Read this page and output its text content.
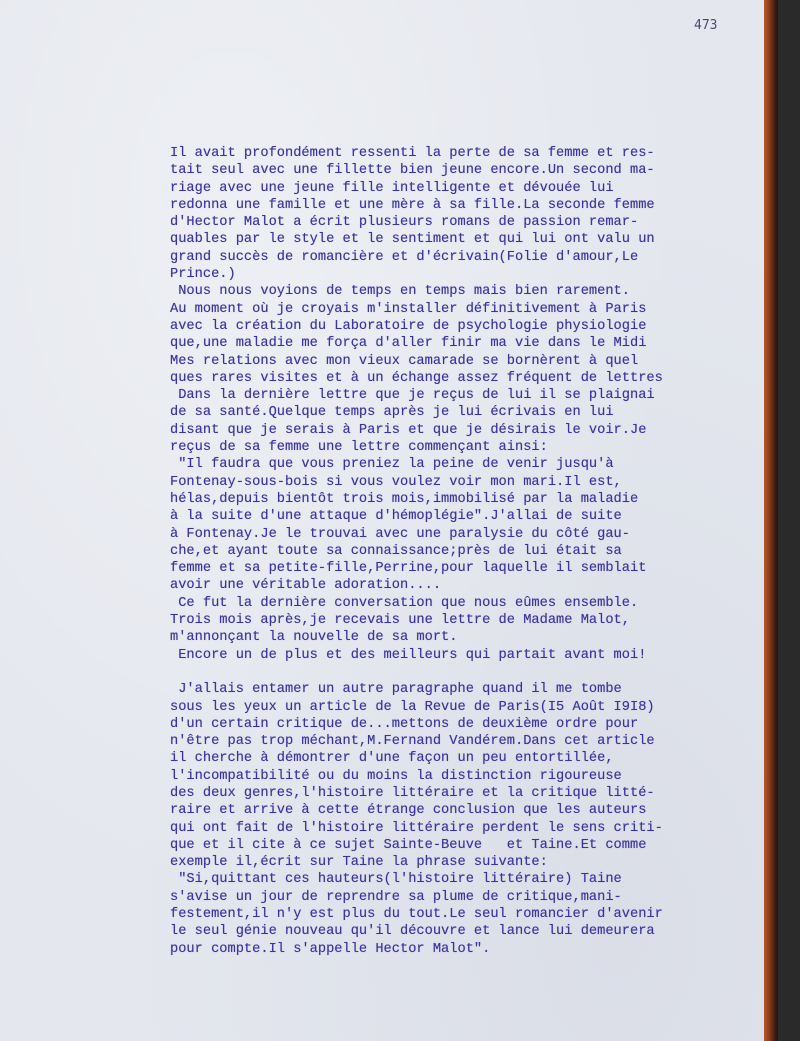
473
Il avait profondément ressenti la perte de sa femme et res-
tait seul avec une fillette bien jeune encore.Un second ma-
riage avec une jeune fille intelligente et dévouée lui
redonna une famille et une mère à sa fille.La seconde femme
d'Hector Malot a écrit plusieurs romans de passion remar-
quables par le style et le sentiment et qui lui ont valu un
grand succès de romancière et d'écrivain(Folie d'amour,Le
Prince.)
Nous nous voyions de temps en temps mais bien rarement.
Au moment où je croyais m'installer définitivement à Paris
avec la création du Laboratoire de psychologie physiologie
que,une maladie me força d'aller finir ma vie dans le Midi
Mes relations avec mon vieux camarade se bornèrent à quel
ques rares visites et à un échange assez fréquent de lettres
Dans la dernière lettre que je reçus de lui il se plaignai
de sa santé.Quelque temps après je lui écrivais en lui
disant que je serais à Paris et que je désirais le voir.Je
reçus de sa femme une lettre commençant ainsi:
"Il faudra que vous preniez la peine de venir jusqu'à
Fontenay-sous-bois si vous voulez voir mon mari.Il est,
hélas,depuis bientôt trois mois,immobilisé par la maladie
à la suite d'une attaque d'hémoplégie".J'allai de suite
à Fontenay.Je le trouvai avec une paralysie du côté gau-
che,et ayant toute sa connaissance;près de lui était sa
femme et sa petite-fille,Perrine,pour laquelle il semblait
avoir une véritable adoration....
Ce fut la dernière conversation que nous eûmes ensemble.
Trois mois après,je recevais une lettre de Madame Malot,
m'annonçant la nouvelle de sa mort.
Encore un de plus et des meilleurs qui partait avant moi!

J'allais entamer un autre paragraphe quand il me tombe
sous les yeux un article de la Revue de Paris(I5 Août I9I8)
d'un certain critique de...mettons de deuxième ordre pour
n'être pas trop méchant,M.Fernand Vandérem.Dans cet article
il cherche à démontrer d'une façon un peu entortillée,
l'incompatibilité ou du moins la distinction rigoureuse
des deux genres,l'histoire littéraire et la critique litté-
raire et arrive à cette étrange conclusion que les auteurs
qui ont fait de l'histoire littéraire perdent le sens criti-
que et il cite à ce sujet Sainte-Beuve   et Taine.Et comme
exemple il,écrit sur Taine la phrase suivante:
"Si,quittant ces hauteurs(l'histoire littéraire) Taine
s'avise un jour de reprendre sa plume de critique,mani-
festement,il n'y est plus du tout.Le seul romancier d'avenir
le seul génie nouveau qu'il découvre et lance lui demeurera
pour compte.Il s'appelle Hector Malot".
